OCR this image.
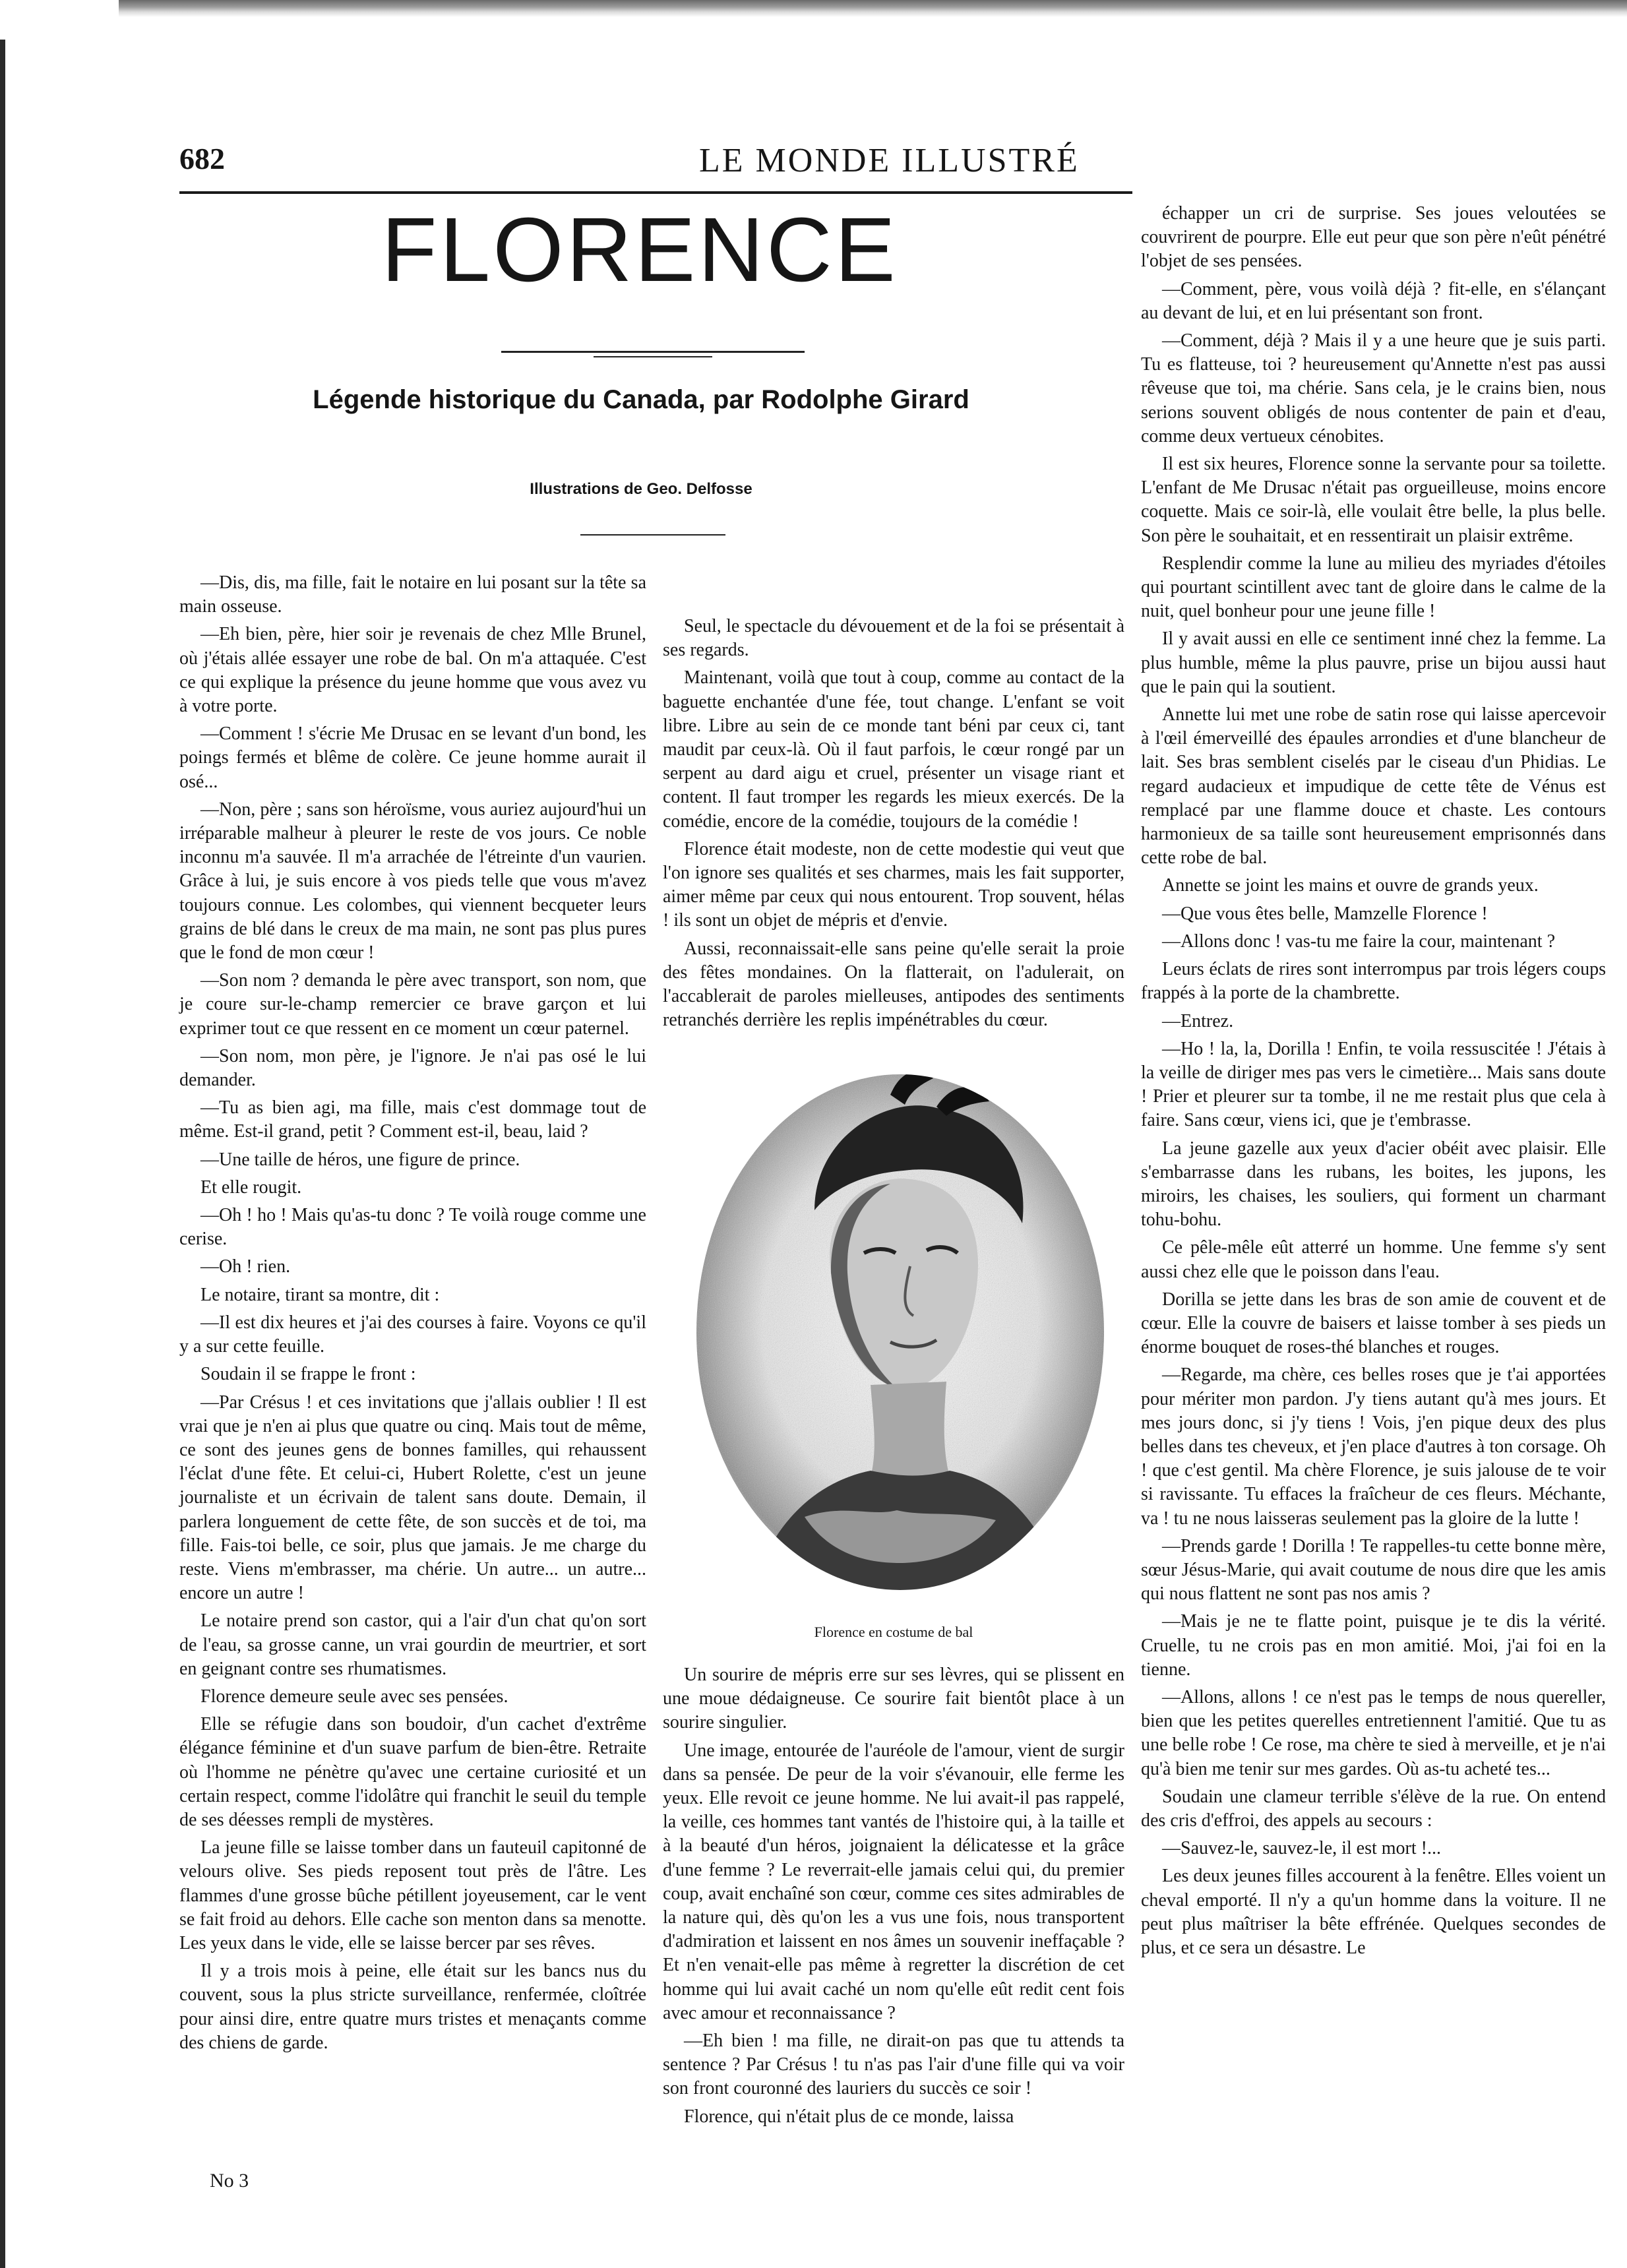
682	LE MONDE ILLUSTRÉ
FLORENCE
Légende historique du Canada, par Rodolphe Girard
Illustrations de Geo. Delfosse

—Dis, dis, ma fille, fait le notaire en lui posant sur la tête sa main osseuse.

—Eh bien, père, hier soir je revenais de chez Mlle Brunel, où j'étais allée essayer une robe de bal. On m'a attaquée. C'est ce qui explique la présence du jeune homme que vous avez vu à votre porte.

—Comment ! s'écrie Me Drusac en se levant d'un bond, les poings fermés et blême de colère. Ce jeune homme aurait il osé...

—Non, père ; sans son héroïsme, vous auriez aujourd'hui un irréparable malheur à pleurer le reste de vos jours. Ce noble inconnu m'a sauvée. Il m'a arrachée de l'étreinte d'un vaurien. Grâce à lui, je suis encore à vos pieds telle que vous m'avez toujours connue. Les colombes, qui viennent becqueter leurs grains de blé dans le creux de ma main, ne sont pas plus pures que le fond de mon cœur !

—Son nom ? demanda le père avec transport, son nom, que je coure sur-le-champ remercier ce brave garçon et lui exprimer tout ce que ressent en ce moment un cœur paternel.

—Son nom, mon père, je l'ignore. Je n'ai pas osé le lui demander.

—Tu as bien agi, ma fille, mais c'est dommage tout de même. Est-il grand, petit ? Comment est-il, beau, laid ?

—Une taille de héros, une figure de prince.

Et elle rougit.

—Oh ! ho ! Mais qu'as-tu donc ? Te voilà rouge comme une cerise.

—Oh ! rien.

Le notaire, tirant sa montre, dit :

—Il est dix heures et j'ai des courses à faire. Voyons ce qu'il y a sur cette feuille.

Soudain il se frappe le front :

—Par Crésus ! et ces invitations que j'allais oublier ! Il est vrai que je n'en ai plus que quatre ou cinq. Mais tout de même, ce sont des jeunes gens de bonnes familles, qui rehaussent l'éclat d'une fête. Et celui-ci, Hubert Rolette, c'est un jeune journaliste et un écrivain de talent sans doute. Demain, il parlera longuement de cette fête, de son succès et de toi, ma fille. Fais-toi belle, ce soir, plus que jamais. Je me charge du reste. Viens m'embrasser, ma chérie. Un autre... un autre... encore un autre !

Le notaire prend son castor, qui a l'air d'un chat qu'on sort de l'eau, sa grosse canne, un vrai gourdin de meurtrier, et sort en geignant contre ses rhumatismes.

Florence demeure seule avec ses pensées.

Elle se réfugie dans son boudoir, d'un cachet d'extrême élégance féminine et d'un suave parfum de bien-être. Retraite où l'homme ne pénètre qu'avec une certaine curiosité et un certain respect, comme l'idolâtre qui franchit le seuil du temple de ses déesses rempli de mystères.

La jeune fille se laisse tomber dans un fauteuil capitonné de velours olive. Ses pieds reposent tout près de l'âtre. Les flammes d'une grosse bûche pétillent joyeusement, car le vent se fait froid au dehors. Elle cache son menton dans sa menotte. Les yeux dans le vide, elle se laisse bercer par ses rêves.

Il y a trois mois à peine, elle était sur les bancs nus du couvent, sous la plus stricte surveillance, renfermée, cloîtrée pour ainsi dire, entre quatre murs tristes et menaçants comme des chiens de garde.

Seul, le spectacle du dévouement et de la foi se présentait à ses regards.

Maintenant, voilà que tout à coup, comme au contact de la baguette enchantée d'une fée, tout change. L'enfant se voit libre. Libre au sein de ce monde tant béni par ceux ci, tant maudit par ceux-là. Où il faut parfois, le cœur rongé par un serpent au dard aigu et cruel, présenter un visage riant et content. Il faut tromper les regards les mieux exercés. De la comédie, encore de la comédie, toujours de la comédie !

Florence était modeste, non de cette modestie qui veut que l'on ignore ses qualités et ses charmes, mais les fait supporter, aimer même par ceux qui nous entourent. Trop souvent, hélas ! ils sont un objet de mépris et d'envie.

Aussi, reconnaissait-elle sans peine qu'elle serait la proie des fêtes mondaines. On la flatterait, on l'adulerait, on l'accablerait de paroles mielleuses, antipodes des sentiments retranchés derrière les replis impénétrables du cœur.

Florence en costume de bal

Un sourire de mépris erre sur ses lèvres, qui se plissent en une moue dédaigneuse. Ce sourire fait bientôt place à un sourire singulier.

Une image, entourée de l'auréole de l'amour, vient de surgir dans sa pensée. De peur de la voir s'évanouir, elle ferme les yeux. Elle revoit ce jeune homme. Ne lui avait-il pas rappelé, la veille, ces hommes tant vantés de l'histoire qui, à la taille et à la beauté d'un héros, joignaient la délicatesse et la grâce d'une femme ? Le reverrait-elle jamais celui qui, du premier coup, avait enchaîné son cœur, comme ces sites admirables de la nature qui, dès qu'on les a vus une fois, nous transportent d'admiration et laissent en nos âmes un souvenir ineffaçable ? Et n'en venait-elle pas même à regretter la discrétion de cet homme qui lui avait caché un nom qu'elle eût redit cent fois avec amour et reconnaissance ?

—Eh bien ! ma fille, ne dirait-on pas que tu attends ta sentence ? Par Crésus ! tu n'as pas l'air d'une fille qui va voir son front couronné des lauriers du succès ce soir !

Florence, qui n'était plus de ce monde, laissa

échapper un cri de surprise. Ses joues veloutées se couvrirent de pourpre. Elle eut peur que son père n'eût pénétré l'objet de ses pensées.

—Comment, père, vous voilà déjà ? fit-elle, en s'élançant au devant de lui, et en lui présentant son front.

—Comment, déjà ? Mais il y a une heure que je suis parti. Tu es flatteuse, toi ? heureusement qu'Annette n'est pas aussi rêveuse que toi, ma chérie. Sans cela, je le crains bien, nous serions souvent obligés de nous contenter de pain et d'eau, comme deux vertueux cénobites.

Il est six heures, Florence sonne la servante pour sa toilette. L'enfant de Me Drusac n'était pas orgueilleuse, moins encore coquette. Mais ce soir-là, elle voulait être belle, la plus belle. Son père le souhaitait, et en ressentirait un plaisir extrême.

Resplendir comme la lune au milieu des myriades d'étoiles qui pourtant scintillent avec tant de gloire dans le calme de la nuit, quel bonheur pour une jeune fille !

Il y avait aussi en elle ce sentiment inné chez la femme. La plus humble, même la plus pauvre, prise un bijou aussi haut que le pain qui la soutient.

Annette lui met une robe de satin rose qui laisse apercevoir à l'œil émerveillé des épaules arrondies et d'une blancheur de lait. Ses bras semblent ciselés par le ciseau d'un Phidias. Le regard audacieux et impudique de cette tête de Vénus est remplacé par une flamme douce et chaste. Les contours harmonieux de sa taille sont heureusement emprisonnés dans cette robe de bal.

Annette se joint les mains et ouvre de grands yeux.

—Que vous êtes belle, Mamzelle Florence !

—Allons donc ! vas-tu me faire la cour, maintenant ?

Leurs éclats de rires sont interrompus par trois légers coups frappés à la porte de la chambrette.

—Entrez.

—Ho ! la, la, Dorilla ! Enfin, te voila ressuscitée ! J'étais à la veille de diriger mes pas vers le cimetière... Mais sans doute ! Prier et pleurer sur ta tombe, il ne me restait plus que cela à faire. Sans cœur, viens ici, que je t'embrasse.

La jeune gazelle aux yeux d'acier obéit avec plaisir. Elle s'embarrasse dans les rubans, les boites, les jupons, les miroirs, les chaises, les souliers, qui forment un charmant tohu-bohu.

Ce pêle-mêle eût atterré un homme. Une femme s'y sent aussi chez elle que le poisson dans l'eau.

Dorilla se jette dans les bras de son amie de couvent et de cœur. Elle la couvre de baisers et laisse tomber à ses pieds un énorme bouquet de roses-thé blanches et rouges.

—Regarde, ma chère, ces belles roses que je t'ai apportées pour mériter mon pardon. J'y tiens autant qu'à mes jours. Et mes jours donc, si j'y tiens ! Vois, j'en pique deux des plus belles dans tes cheveux, et j'en place d'autres à ton corsage. Oh ! que c'est gentil. Ma chère Florence, je suis jalouse de te voir si ravissante. Tu effaces la fraîcheur de ces fleurs. Méchante, va ! tu ne nous laisseras seulement pas la gloire de la lutte !

—Prends garde ! Dorilla ! Te rappelles-tu cette bonne mère, sœur Jésus-Marie, qui avait coutume de nous dire que les amis qui nous flattent ne sont pas nos amis ?

—Mais je ne te flatte point, puisque je te dis la vérité. Cruelle, tu ne crois pas en mon amitié. Moi, j'ai foi en la tienne.

—Allons, allons ! ce n'est pas le temps de nous quereller, bien que les petites querelles entretiennent l'amitié. Que tu as une belle robe ! Ce rose, ma chère te sied à merveille, et je n'ai qu'à bien me tenir sur mes gardes. Où as-tu acheté tes...

Soudain une clameur terrible s'élève de la rue. On entend des cris d'effroi, des appels au secours :

—Sauvez-le, sauvez-le, il est mort !...

Les deux jeunes filles accourent à la fenêtre. Elles voient un cheval emporté. Il n'y a qu'un homme dans la voiture. Il ne peut plus maîtriser la bête effrénée. Quelques secondes de plus, et ce sera un désastre. Le

No 3
